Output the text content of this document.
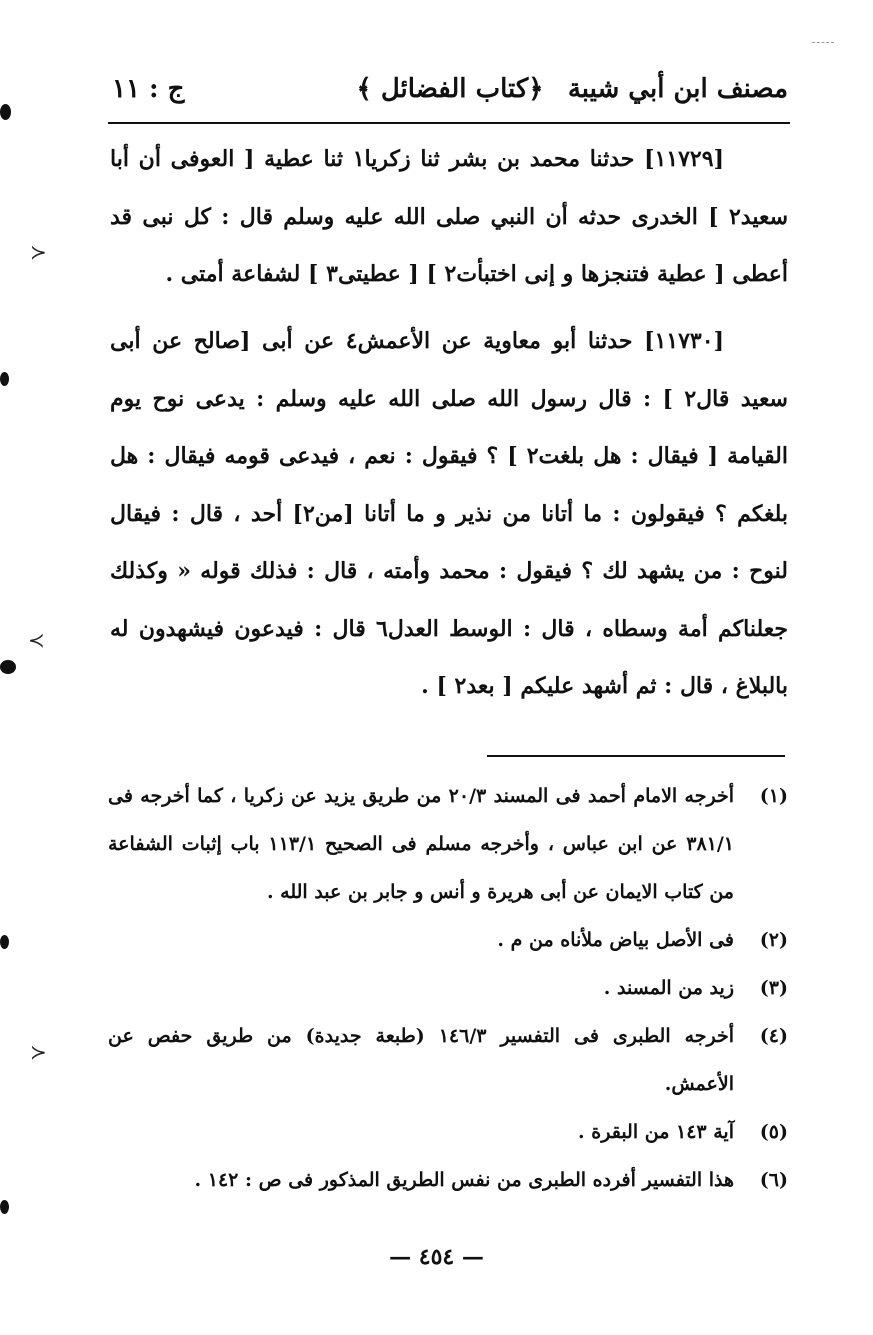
مصنف ابن أبي شيبة
﴿كتاب الفضائل ﴾
ج : ١١
[١١٧٢٩] حدثنا محمد بن بشر ثنا زكريا١ ثنا عطية [ العوفى أن أبا سعيد٢ ] الخدرى حدثه أن النبي صلى الله عليه وسلم قال : كل نبى قد أعطى [ عطية فتنجزها و إنى اختبأت٢ ] [ عطيتى٣ ] لشفاعة أمتى .
[١١٧٣٠] حدثنا أبو معاوية عن الأعمش٤ عن أبى [صالح عن أبى سعيد قال٢ ] : قال رسول الله صلى الله عليه وسلم : يدعى نوح يوم القيامة [ فيقال : هل بلغت٢ ] ؟ فيقول : نعم ، فيدعى قومه فيقال : هل بلغكم ؟ فيقولون : ما أتانا من نذير و ما أتانا [من٢] أحد ، قال : فيقال لنوح : من يشهد لك ؟ فيقول : محمد وأمته ، قال : فذلك قوله « وكذلك جعلناكم أمة وسطاه ، قال : الوسط العدل٦ قال : فيدعون فيشهدون له بالبلاغ ، قال : ثم أشهد عليكم [ بعد٢ ] .
(١)
أخرجه الامام أحمد فى المسند ٢٠/٣ من طريق يزيد عن زكريا ، كما أخرجه فى ٣٨١/١ عن ابن عباس ، وأخرجه مسلم فى الصحيح ١١٣/١ باب إثبات الشفاعة من كتاب الايمان عن أبى هريرة و أنس و جابر بن عبد الله .
(٢)
فى الأصل بياض ملأناه من م .
(٣)
زيد من المسند .
(٤)
أخرجه الطبرى فى التفسير ١٤٦/٣ (طبعة جديدة) من طريق حفص عن الأعمش.
(٥)
آية ١٤٣ من البقرة .
(٦)
هذا التفسير أفرده الطبرى من نفس الطريق المذكور فى ص : ١٤٢ .
— ٤٥٤ —
≻
≺
≻
